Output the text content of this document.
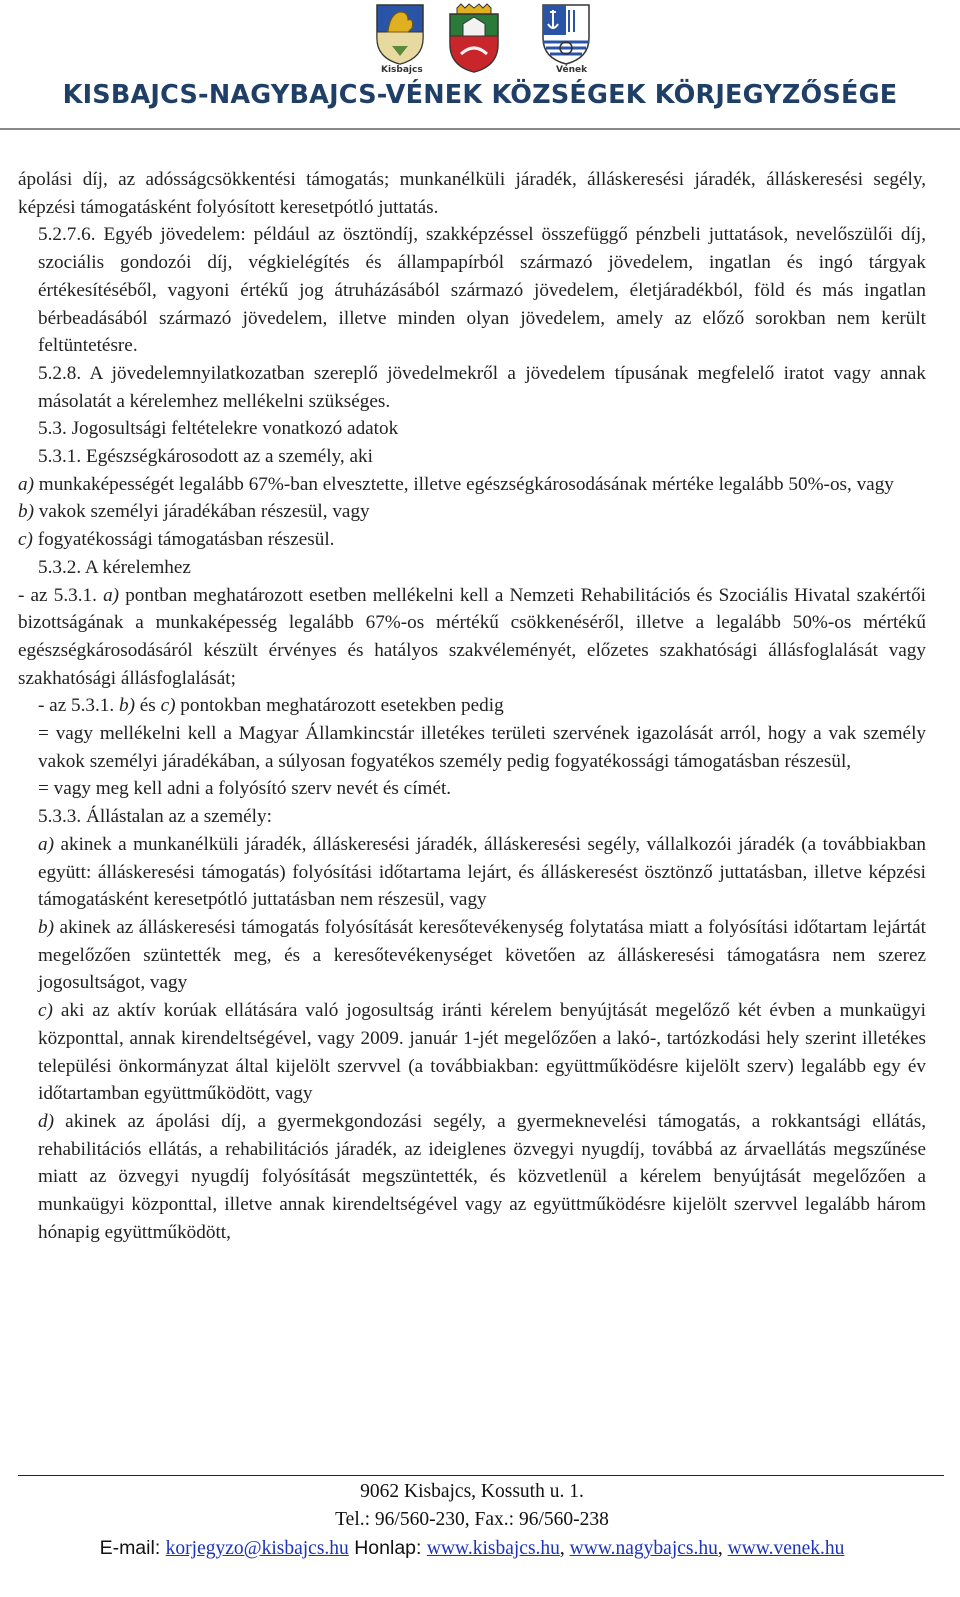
Kisbajcs	Vének
KISBAJCS-NAGYBAJCS-VÉNEK KÖZSÉGEK KÖRJEGYZŐSÉGE

ápolási díj, az adósságcsökkentési támogatás; munkanélküli járadék, álláskeresési járadék, álláskeresési segély, képzési támogatásként folyósított keresetpótló juttatás.

5.2.7.6. Egyéb jövedelem: például az ösztöndíj, szakképzéssel összefüggő pénzbeli juttatások, nevelőszülői díj, szociális gondozói díj, végkielégítés és állampapírból származó jövedelem, ingatlan és ingó tárgyak értékesítéséből, vagyoni értékű jog átruházásából származó jövedelem, életjáradékból, föld és más ingatlan bérbeadásából származó jövedelem, illetve minden olyan jövedelem, amely az előző sorokban nem került feltüntetésre.

5.2.8. A jövedelemnyilatkozatban szereplő jövedelmekről a jövedelem típusának megfelelő iratot vagy annak másolatát a kérelemhez mellékelni szükséges.

5.3. Jogosultsági feltételekre vonatkozó adatok

5.3.1. Egészségkárosodott az a személy, aki

a) munkaképességét legalább 67%-ban elvesztette, illetve egészségkárosodásának mértéke legalább 50%-os, vagy

b) vakok személyi járadékában részesül, vagy

c) fogyatékossági támogatásban részesül.

5.3.2. A kérelemhez

- az 5.3.1. a) pontban meghatározott esetben mellékelni kell a Nemzeti Rehabilitációs és Szociális Hivatal szakértői bizottságának a munkaképesség legalább 67%-os mértékű csökkenéséről, illetve a legalább 50%-os mértékű egészségkárosodásáról készült érvényes és hatályos szakvéleményét, előzetes szakhatósági állásfoglalását vagy szakhatósági állásfoglalását;

- az 5.3.1. b) és c) pontokban meghatározott esetekben pedig

= vagy mellékelni kell a Magyar Államkincstár illetékes területi szervének igazolását arról, hogy a vak személy vakok személyi járadékában, a súlyosan fogyatékos személy pedig fogyatékossági támogatásban részesül,

= vagy meg kell adni a folyósító szerv nevét és címét.

5.3.3. Állástalan az a személy:

a) akinek a munkanélküli járadék, álláskeresési járadék, álláskeresési segély, vállalkozói járadék (a továbbiakban együtt: álláskeresési támogatás) folyósítási időtartama lejárt, és álláskeresést ösztönző juttatásban, illetve képzési támogatásként keresetpótló juttatásban nem részesül, vagy

b) akinek az álláskeresési támogatás folyósítását keresőtevékenység folytatása miatt a folyósítási időtartam lejártát megelőzően szüntették meg, és a keresőtevékenységet követően az álláskeresési támogatásra nem szerez jogosultságot, vagy

c) aki az aktív korúak ellátására való jogosultság iránti kérelem benyújtását megelőző két évben a munkaügyi központtal, annak kirendeltségével, vagy 2009. január 1-jét megelőzően a lakó-, tartózkodási hely szerint illetékes települési önkormányzat által kijelölt szervvel (a továbbiakban: együttműködésre kijelölt szerv) legalább egy év időtartamban együttműködött, vagy

d) akinek az ápolási díj, a gyermekgondozási segély, a gyermeknevelési támogatás, a rokkantsági ellátás, rehabilitációs ellátás, a rehabilitációs járadék, az ideiglenes özvegyi nyugdíj, továbbá az árvaellátás megszűnése miatt az özvegyi nyugdíj folyósítását megszüntették, és közvetlenül a kérelem benyújtását megelőzően a munkaügyi központtal, illetve annak kirendeltségével vagy az együttműködésre kijelölt szervvel legalább három hónapig együttműködött,

9062 Kisbajcs, Kossuth u. 1.
Tel.: 96/560-230, Fax.: 96/560-238
E-mail: korjegyzo@kisbajcs.hu Honlap: www.kisbajcs.hu, www.nagybajcs.hu, www.venek.hu
